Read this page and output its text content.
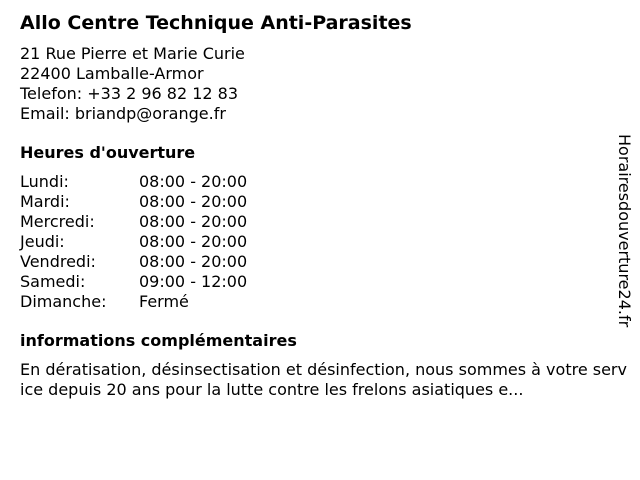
Allo Centre Technique Anti-Parasites
21 Rue Pierre et Marie Curie
22400 Lamballe-Armor
Telefon: +33 2 96 82 12 83
Email: briandp@orange.fr
Heures d'ouverture
Lundi:	08:00 - 20:00
Mardi:	08:00 - 20:00
Mercredi:	08:00 - 20:00
Jeudi:	08:00 - 20:00
Vendredi:	08:00 - 20:00
Samedi:	09:00 - 12:00
Dimanche:	Fermé
informations complémentaires
En dératisation, désinsectisation et désinfection, nous sommes à votre service depuis 20 ans pour la lutte contre les frelons asiatiques e...
Horairesdouverture24.fr
